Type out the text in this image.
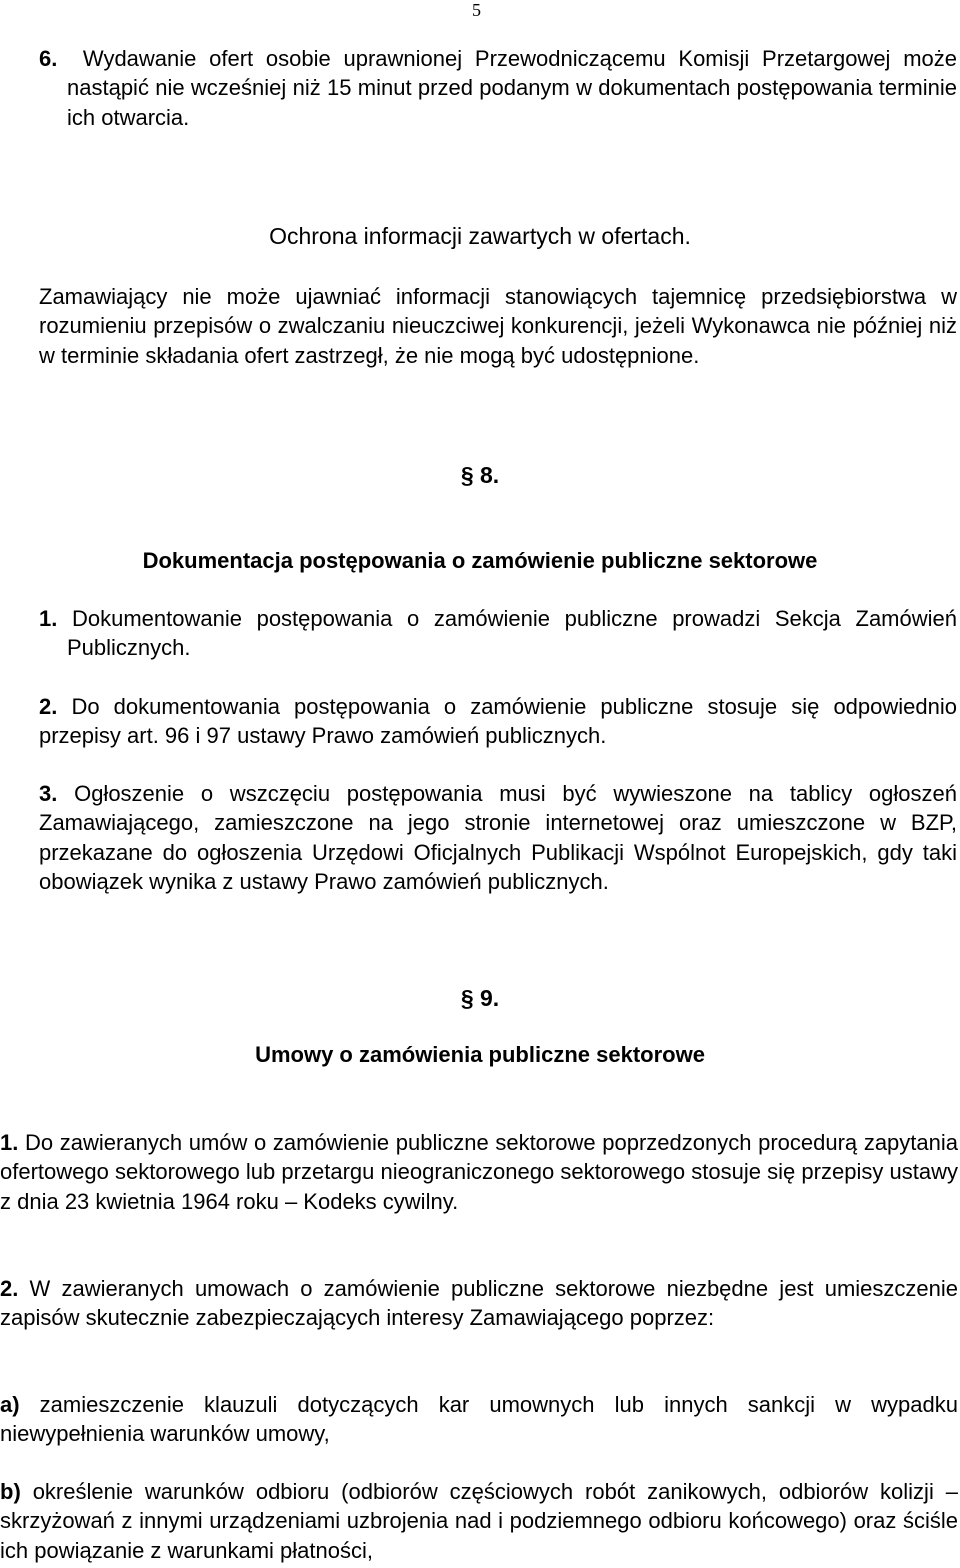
5
6. Wydawanie ofert osobie uprawnionej Przewodniczącemu Komisji Przetargowej może nastąpić nie wcześniej niż 15 minut przed podanym w dokumentach postępowania terminie ich otwarcia.
Ochrona informacji zawartych w ofertach.
Zamawiający nie może ujawniać informacji stanowiących tajemnicę przedsiębiorstwa w rozumieniu przepisów o zwalczaniu nieuczciwej konkurencji, jeżeli Wykonawca nie później niż w terminie składania ofert zastrzegł, że nie mogą być udostępnione.
§ 8.
Dokumentacja postępowania o zamówienie publiczne sektorowe
1. Dokumentowanie postępowania o zamówienie publiczne prowadzi Sekcja Zamówień Publicznych.
2. Do dokumentowania postępowania o zamówienie publiczne stosuje się odpowiednio przepisy art. 96 i 97 ustawy Prawo zamówień publicznych.
3. Ogłoszenie o wszczęciu postępowania musi być wywieszone na tablicy ogłoszeń Zamawiającego, zamieszczone na jego stronie internetowej oraz umieszczone w BZP, przekazane do ogłoszenia Urzędowi Oficjalnych Publikacji Wspólnot Europejskich, gdy taki obowiązek wynika z ustawy Prawo zamówień publicznych.
§ 9.
Umowy o zamówienia publiczne sektorowe
1. Do zawieranych umów o zamówienie publiczne sektorowe poprzedzonych procedurą zapytania ofertowego sektorowego lub przetargu nieograniczonego sektorowego stosuje się przepisy ustawy z dnia 23 kwietnia 1964 roku – Kodeks cywilny.
2. W zawieranych umowach o zamówienie publiczne sektorowe niezbędne jest umieszczenie zapisów skutecznie zabezpieczających interesy Zamawiającego poprzez:
a) zamieszczenie klauzuli dotyczących kar umownych lub innych sankcji w wypadku niewypełnienia warunków umowy,
b) określenie warunków odbioru (odbiorów częściowych robót zanikowych, odbiorów kolizji – skrzyżowań z innymi urządzeniami uzbrojenia nad i podziemnego odbioru końcowego) oraz ściśle ich powiązanie z warunkami płatności,
